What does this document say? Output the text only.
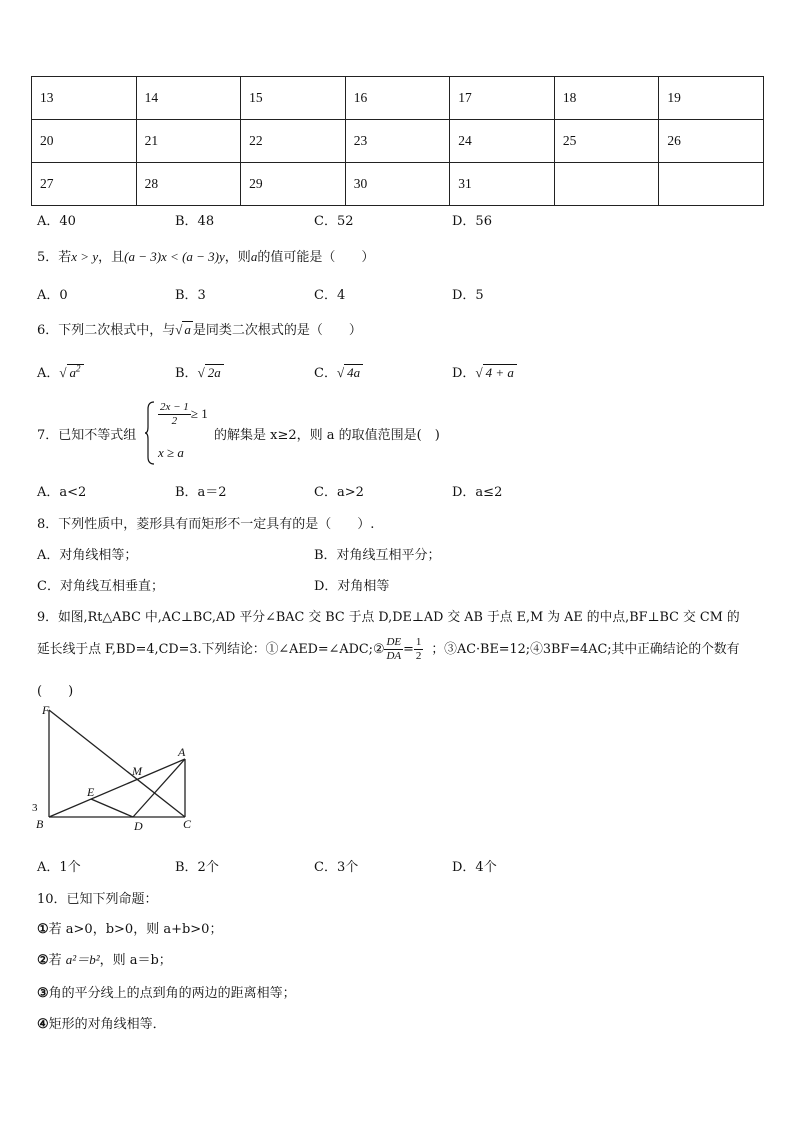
13	14	15	16	17	18	19
20	21	22	23	24	25	26
27	28	29	30	31		
A．40	B．48	C．52	D．56
5．若x > y，且(a − 3)x < (a − 3)y，则a的值可能是（　　）
A．0	B．3	C．4	D．5
6．下列二次根式中，与√ a 是同类二次根式的是（　　）
A．√ $a^2$	B．√ 2a	C．√ 4a	D．√ 4 + a
7．已知不等式组
$\frac{2x - 1}{2} \ge 1$
x ≥ a
的解集是 x≥2，则 a 的取值范围是(　)
A．a<2	B．a＝2	C．a>2	D．a≤2
8．下列性质中，菱形具有而矩形不一定具有的是（　　）.
A．对角线相等；	B．对角线互相平分；
C．对角线互相垂直；	D．对角相等
9．如图,Rt△ABC 中,AC⊥BC,AD 平分∠BAC 交 BC 于点 D,DE⊥AD 交 AB 于点 E,M 为 AE 的中点,BF⊥BC 交 CM 的
延长线于点 F,BD=4,CD=3.下列结论：①∠AED=∠ADC;② $\frac{DE}{DA} = \frac{1}{2}$ ；③AC·BE=12;④3BF=4AC;其中正确结论的个数有
(　　)
F
A
M
E
B	D	C
3
A．1个	B．2个	C．3个	D．4个
10．已知下列命题：
①若 a>0，b>0，则 a+b>0；
②若 a²＝b²，则 a＝b；
③角的平分线上的点到角的两边的距离相等；
④矩形的对角线相等．
